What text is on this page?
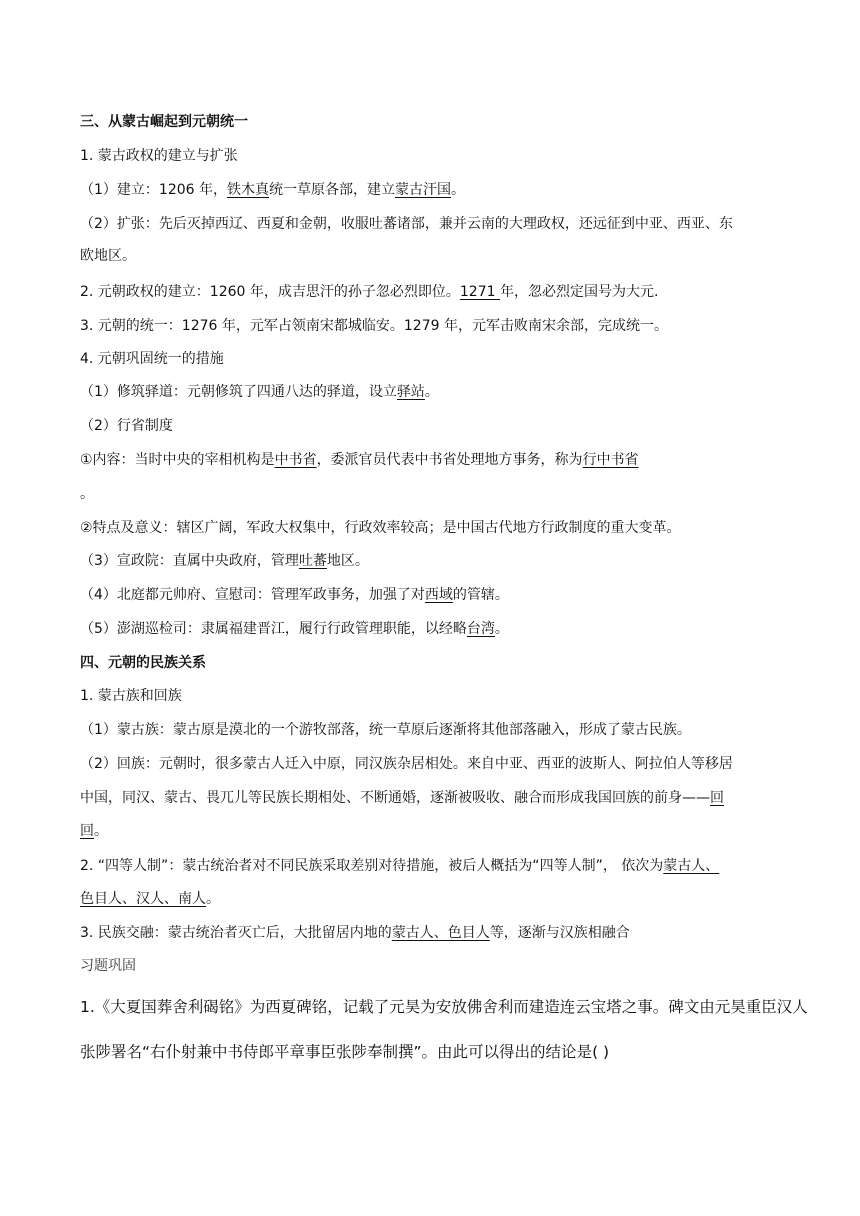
三、从蒙古崛起到元朝统一

1. 蒙古政权的建立与扩张

（1）建立：1206 年，铁木真统一草原各部，建立蒙古汗国。

（2）扩张：先后灭掉西辽、西夏和金朝，收服吐蕃诸部，兼并云南的大理政权，还远征到中亚、西亚、东

欧地区。

2. 元朝政权的建立：1260 年，成吉思汗的孙子忽必烈即位。1271 年，忽必烈定国号为大元.

3. 元朝的统一：1276 年，元军占领南宋都城临安。1279 年，元军击败南宋余部，完成统一。

4. 元朝巩固统一的措施

（1）修筑驿道：元朝修筑了四通八达的驿道，设立驿站。

（2）行省制度

①内容：当时中央的宰相机构是中书省，委派官员代表中书省处理地方事务，称为行中书省

。

②特点及意义：辖区广阔，军政大权集中，行政效率较高；是中国古代地方行政制度的重大变革。

（3）宣政院：直属中央政府，管理吐蕃地区。

（4）北庭都元帅府、宣慰司：管理军政事务，加强了对西域的管辖。

（5）澎湖巡检司：隶属福建晋江，履行行政管理职能，以经略台湾。

四、元朝的民族关系

1. 蒙古族和回族

（1）蒙古族：蒙古原是漠北的一个游牧部落，统一草原后逐渐将其他部落融入，形成了蒙古民族。

（2）回族：元朝时，很多蒙古人迁入中原，同汉族杂居相处。来自中亚、西亚的波斯人、阿拉伯人等移居

中国，同汉、蒙古、畏兀儿等民族长期相处、不断通婚，逐渐被吸收、融合而形成我国回族的前身——回

回。

2. “四等人制”：蒙古统治者对不同民族采取差别对待措施，被后人概括为“四等人制”， 依次为蒙古人、

色目人、汉人、南人。

3. 民族交融：蒙古统治者灭亡后，大批留居内地的蒙古人、色目人等，逐渐与汉族相融合

习题巩固

1.《大夏国葬舍利碣铭》为西夏碑铭，记载了元昊为安放佛舍利而建造连云宝塔之事。碑文由元昊重臣汉人

张陟署名“右仆射兼中书侍郎平章事臣张陟奉制撰”。由此可以得出的结论是( )
